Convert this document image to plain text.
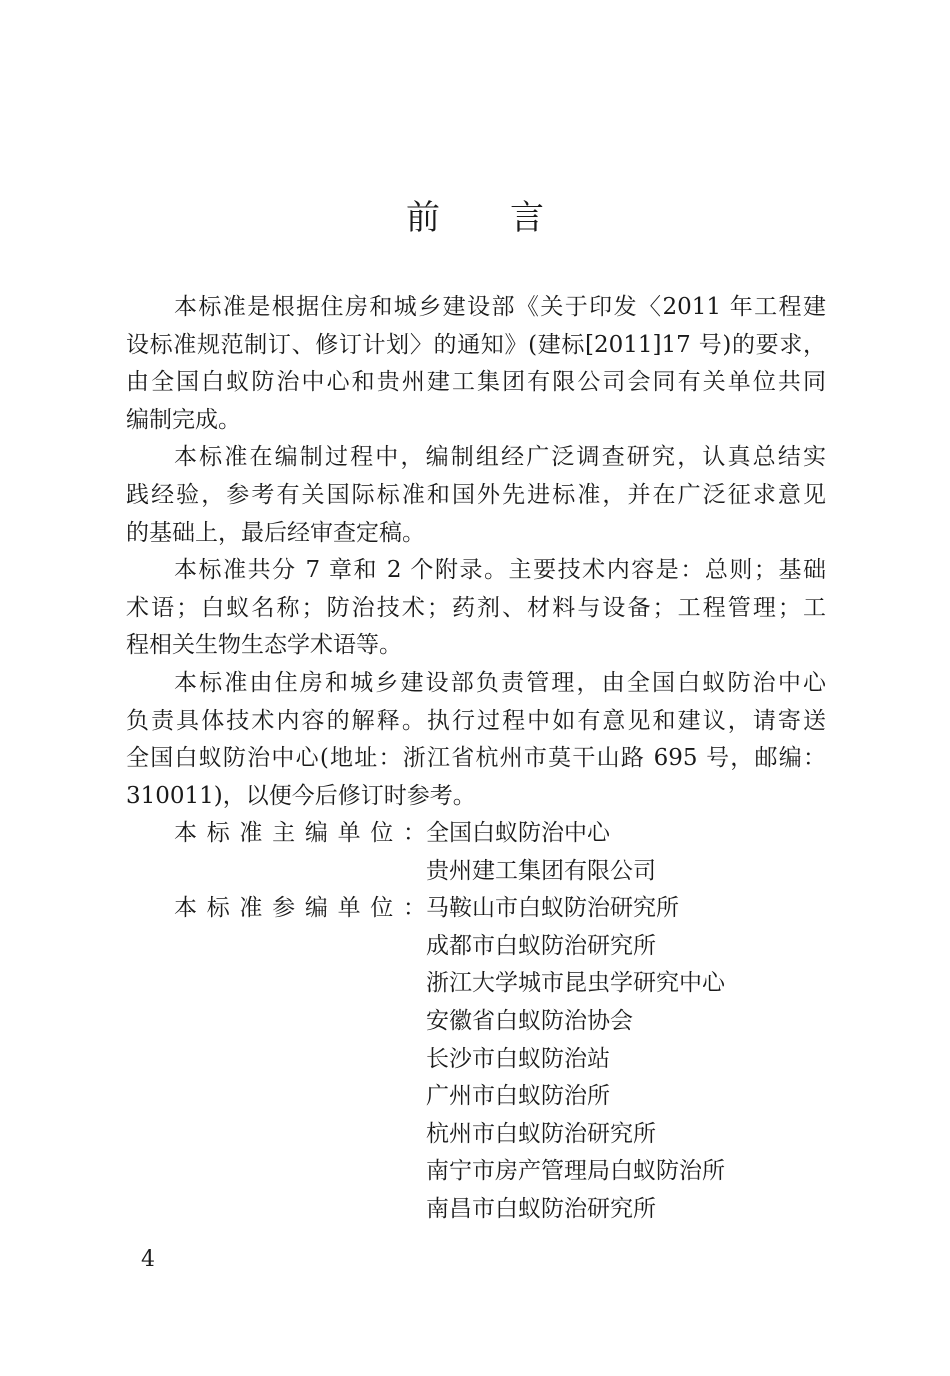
前 言
本标准是根据住房和城乡建设部《关于印发〈2011 年工程建
设标准规范制订、修订计划〉的通知》(建标[2011]17 号)的要求，
由全国白蚁防治中心和贵州建工集团有限公司会同有关单位共同
编制完成。
本标准在编制过程中，编制组经广泛调查研究，认真总结实
践经验，参考有关国际标准和国外先进标准，并在广泛征求意见
的基础上，最后经审查定稿。
本标准共分 7 章和 2 个附录。主要技术内容是：总则；基础
术语；白蚁名称；防治技术；药剂、材料与设备；工程管理；工
程相关生物生态学术语等。
本标准由住房和城乡建设部负责管理，由全国白蚁防治中心
负责具体技术内容的解释。执行过程中如有意见和建议，请寄送
全国白蚁防治中心(地址：浙江省杭州市莫干山路 695 号，邮编：
310011)，以便今后修订时参考。
本标准主编单位： 全国白蚁防治中心
贵州建工集团有限公司
本标准参编单位： 马鞍山市白蚁防治研究所
成都市白蚁防治研究所
浙江大学城市昆虫学研究中心
安徽省白蚁防治协会
长沙市白蚁防治站
广州市白蚁防治所
杭州市白蚁防治研究所
南宁市房产管理局白蚁防治所
南昌市白蚁防治研究所
4
